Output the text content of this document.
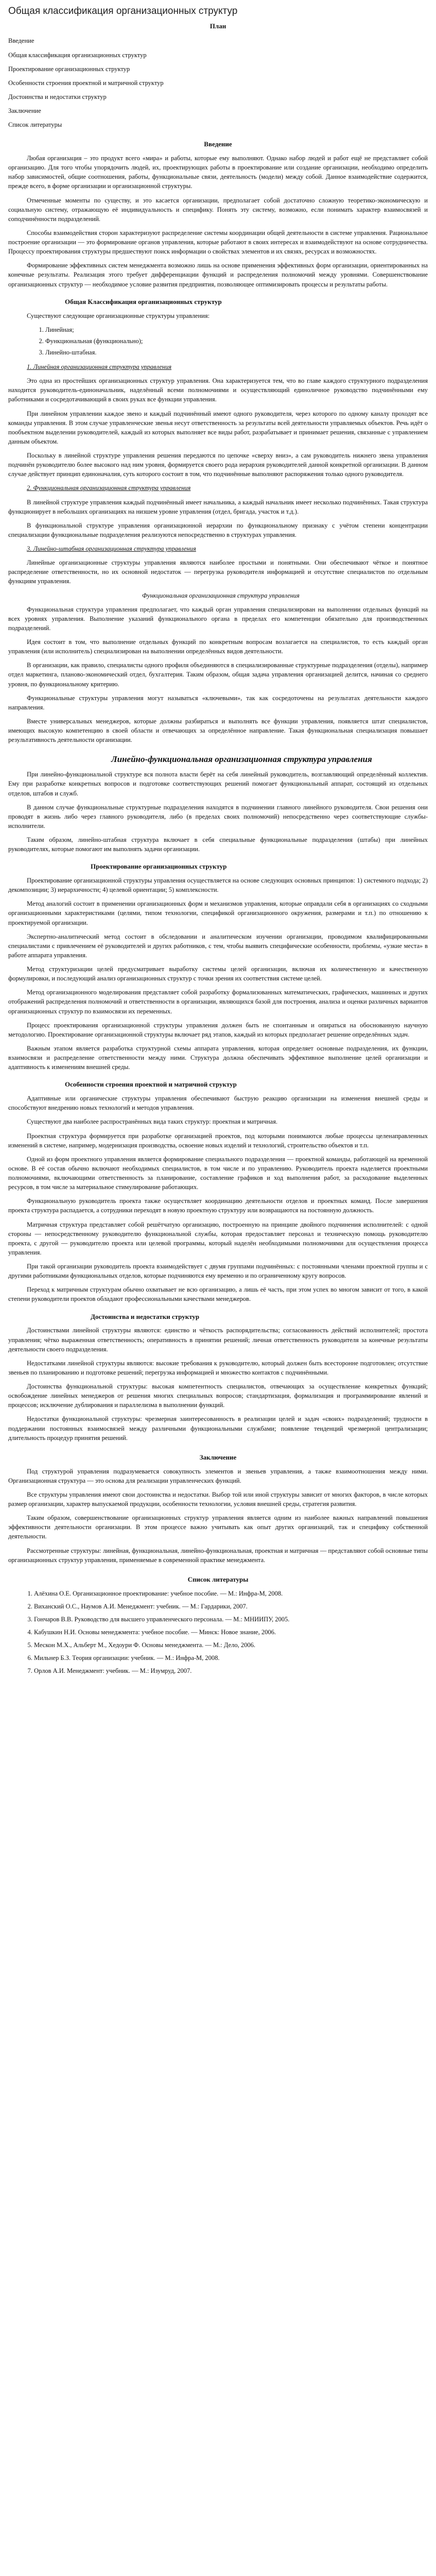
Общая классификация организационных структур
План
Введение
Общая классификация организационных структур
Проектирование организационных структур
Особенности строения проектной и матричной структур
Достоинства и недостатки структур
Заключение
Список литературы
Введение

Любая организация – это продукт всего «мира» и работы, которые ему выполняют. Однако набор людей и работ ещё не представляет собой организацию. Для того чтобы упорядочить людей, их, проектирующих работы в проектирование или создание организации, необходимо определить набор зависимостей, общие соотношения, работы, функциональные связи, деятельность (модели) между собой. Данное взаимодействие содержится, прежде всего, в форме организации и организационной структуры.

Отмеченные моменты по существу, и это касается организации, предполагает собой достаточно сложную теоретико-экономическую и социальную систему, отражающую её индивидуальность и специфику. Понять эту систему, возможно, если понимать характер взаимосвязей и соподчинённости подразделений.

Способы взаимодействия сторон характеризуют распределение системы координации общей деятельности в системе управления. Рациональное построение организации — это формирование органов управления, которые работают в своих интересах и взаимодействуют на основе сотрудничества. Процессу проектирования структуры предшествуют поиск информации о свойствах элементов и их связях, ресурсах и возможностях.

Формирование эффективных систем менеджмента возможно лишь на основе применения эффективных форм организации, ориентированных на конечные результаты. Реализация этого требует дифференциации функций и распределения полномочий между уровнями. Совершенствование организационных структур — необходимое условие развития предприятия, позволяющее оптимизировать процессы и результаты работы.

Общая Классификация организационных структур

Существуют следующие организационные структуры управления:

1. Линейная;
2. Функциональная (функционально);
3. Линейно-штабная.
1. Линейная организационная структура управления

Это одна из простейших организационных структур управления. Она характеризуется тем, что во главе каждого структурного подразделения находится руководитель-единоначальник, наделённый всеми полномочиями и осуществляющий единоличное руководство подчинёнными ему работниками и сосредотачивающий в своих руках все функции управления.

При линейном управлении каждое звено и каждый подчинённый имеют одного руководителя, через которого по одному каналу проходят все команды управления. В этом случае управленческие звенья несут ответственность за результаты всей деятельности управляемых объектов. Речь идёт о пообъектном выделении руководителей, каждый из которых выполняет все виды работ, разрабатывает и принимает решения, связанные с управлением данным объектом.

Поскольку в линейной структуре управления решения передаются по цепочке «сверху вниз», а сам руководитель нижнего звена управления подчинён руководителю более высокого над ним уровня, формируется своего рода иерархия руководителей данной конкретной организации. В данном случае действует принцип единоначалия, суть которого состоит в том, что подчинённые выполняют распоряжения только одного руководителя.

2. Функциональная организационная структура управления

В линейной структуре управления каждый подчинённый имеет начальника, а каждый начальник имеет несколько подчинённых. Такая структура функционирует в небольших организациях на низшем уровне управления (отдел, бригада, участок и т.д.).

В функциональной структуре управления организационной иерархии по функциональному признаку с учётом степени концентрации специализации функциональные подразделения реализуются непосредственно в структурах управления.

3. Линейно-штабная организационная структура управления

Линейные организационные структуры управления являются наиболее простыми и понятными. Они обеспечивают чёткое и понятное распределение ответственности, но их основной недостаток — перегрузка руководителя информацией и отсутствие специалистов по отдельным функциям управления.

Функциональная организационная структура управления

Функциональная структура управления предполагает, что каждый орган управления специализирован на выполнении отдельных функций на всех уровнях управления. Выполнение указаний функционального органа в пределах его компетенции обязательно для производственных подразделений.

Идея состоит в том, что выполнение отдельных функций по конкретным вопросам возлагается на специалистов, то есть каждый орган управления (или исполнитель) специализирован на выполнении определённых видов деятельности.

В организации, как правило, специалисты одного профиля объединяются в специализированные структурные подразделения (отделы), например отдел маркетинга, планово-экономический отдел, бухгалтерия. Таким образом, общая задача управления организацией делится, начиная со среднего уровня, по функциональному критерию.

Функциональные структуры управления могут называться «ключевыми», так как сосредоточены на результатах деятельности каждого направления.

Вместе универсальных менеджеров, которые должны разбираться и выполнять все функции управления, появляется штат специалистов, имеющих высокую компетенцию в своей области и отвечающих за определённое направление. Такая функциональная специализация повышает результативность деятельности организации.

Линейно-функциональная организационная структура управления

При линейно-функциональной структуре вся полнота власти берёт на себя линейный руководитель, возглавляющий определённый коллектив. Ему при разработке конкретных вопросов и подготовке соответствующих решений помогает функциональный аппарат, состоящий из отдельных отделов, штабов и служб.

В данном случае функциональные структурные подразделения находятся в подчинении главного линейного руководителя. Свои решения они проводят в жизнь либо через главного руководителя, либо (в пределах своих полномочий) непосредственно через соответствующие службы-исполнители.

Таким образом, линейно-штабная структура включает в себя специальные функциональные подразделения (штабы) при линейных руководителях, которые помогают им выполнять задачи организации.

Проектирование организационных структур

Проектирование организационной структуры управления осуществляется на основе следующих основных принципов: 1) системного подхода; 2) декомпозиции; 3) иерархичности; 4) целевой ориентации; 5) комплексности.

Метод аналогий состоит в применении организационных форм и механизмов управления, которые оправдали себя в организациях со сходными организационными характеристиками (целями, типом технологии, спецификой организационного окружения, размерами и т.п.) по отношению к проектируемой организации.

Экспертно-аналитический метод состоит в обследовании и аналитическом изучении организации, проводимом квалифицированными специалистами с привлечением её руководителей и других работников, с тем, чтобы выявить специфические особенности, проблемы, «узкие места» в работе аппарата управления.

Метод структуризации целей предусматривает выработку системы целей организации, включая их количественную и качественную формулировки, и последующий анализ организационных структур с точки зрения их соответствия системе целей.

Метод организационного моделирования представляет собой разработку формализованных математических, графических, машинных и других отображений распределения полномочий и ответственности в организации, являющихся базой для построения, анализа и оценки различных вариантов организационных структур по взаимосвязи их переменных.

Процесс проектирования организационной структуры управления должен быть не спонтанным и опираться на обоснованную научную методологию. Проектирование организационной структуры включает ряд этапов, каждый из которых предполагает решение определённых задач.

Важным этапом является разработка структурной схемы аппарата управления, которая определяет основные подразделения, их функции, взаимосвязи и распределение ответственности между ними. Структура должна обеспечивать эффективное выполнение целей организации и адаптивность к изменениям внешней среды.

Особенности строения проектной и матричной структур

Адаптивные или органические структуры управления обеспечивают быструю реакцию организации на изменения внешней среды и способствуют внедрению новых технологий и методов управления.

Существуют два наиболее распространённых вида таких структур: проектная и матричная.

Проектная структура формируется при разработке организацией проектов, под которыми понимаются любые процессы целенаправленных изменений в системе, например, модернизация производства, освоение новых изделий и технологий, строительство объектов и т.п.

Одной из форм проектного управления является формирование специального подразделения — проектной команды, работающей на временной основе. В её состав обычно включают необходимых специалистов, в том числе и по управлению. Руководитель проекта наделяется проектными полномочиями, включающими ответственность за планирование, составление графиков и ход выполнения работ, за расходование выделенных ресурсов, в том числе за материальное стимулирование работающих.

Функциональную руководитель проекта также осуществляет координацию деятельности отделов и проектных команд. После завершения проекта структура распадается, а сотрудники переходят в новую проектную структуру или возвращаются на постоянную должность.

Матричная структура представляет собой решётчатую организацию, построенную на принципе двойного подчинения исполнителей: с одной стороны — непосредственному руководителю функциональной службы, которая предоставляет персонал и техническую помощь руководителю проекта, с другой — руководителю проекта или целевой программы, который наделён необходимыми полномочиями для осуществления процесса управления.

При такой организации руководитель проекта взаимодействует с двумя группами подчинённых: с постоянными членами проектной группы и с другими работниками функциональных отделов, которые подчиняются ему временно и по ограниченному кругу вопросов.

Переход к матричным структурам обычно охватывает не всю организацию, а лишь её часть, при этом успех во многом зависит от того, в какой степени руководители проектов обладают профессиональными качествами менеджеров.

Достоинства и недостатки структур

Достоинствами линейной структуры являются: единство и чёткость распорядительства; согласованность действий исполнителей; простота управления; чётко выраженная ответственность; оперативность в принятии решений; личная ответственность руководителя за конечные результаты деятельности своего подразделения.

Недостатками линейной структуры являются: высокие требования к руководителю, который должен быть всесторонне подготовлен; отсутствие звеньев по планированию и подготовке решений; перегрузка информацией и множество контактов с подчинёнными.

Достоинства функциональной структуры: высокая компетентность специалистов, отвечающих за осуществление конкретных функций; освобождение линейных менеджеров от решения многих специальных вопросов; стандартизация, формализация и программирование явлений и процессов; исключение дублирования и параллелизма в выполнении функций.

Недостатки функциональной структуры: чрезмерная заинтересованность в реализации целей и задач «своих» подразделений; трудности в поддержании постоянных взаимосвязей между различными функциональными службами; появление тенденций чрезмерной централизации; длительность процедур принятия решений.

Заключение

Под структурой управления подразумевается совокупность элементов и звеньев управления, а также взаимоотношения между ними. Организационная структура — это основа для реализации управленческих функций.

Все структуры управления имеют свои достоинства и недостатки. Выбор той или иной структуры зависит от многих факторов, в числе которых размер организации, характер выпускаемой продукции, особенности технологии, условия внешней среды, стратегия развития.

Таким образом, совершенствование организационных структур управления является одним из наиболее важных направлений повышения эффективности деятельности организации. В этом процессе важно учитывать как опыт других организаций, так и специфику собственной деятельности.

Рассмотренные структуры: линейная, функциональная, линейно-функциональная, проектная и матричная — представляют собой основные типы организационных структур управления, применяемые в современной практике менеджмента.

Список литературы
1. Алёхина О.Е. Организационное проектирование: учебное пособие. — М.: Инфра-М, 2008.
2. Виханский О.С., Наумов А.И. Менеджмент: учебник. — М.: Гардарики, 2007.
3. Гончаров В.В. Руководство для высшего управленческого персонала. — М.: МНИИПУ, 2005.
4. Кабушкин Н.И. Основы менеджмента: учебное пособие. — Минск: Новое знание, 2006.
5. Мескон М.Х., Альберт М., Хедоури Ф. Основы менеджмента. — М.: Дело, 2006.
6. Мильнер Б.З. Теория организации: учебник. — М.: Инфра-М, 2008.
7. Орлов А.И. Менеджмент: учебник. — М.: Изумруд, 2007.
